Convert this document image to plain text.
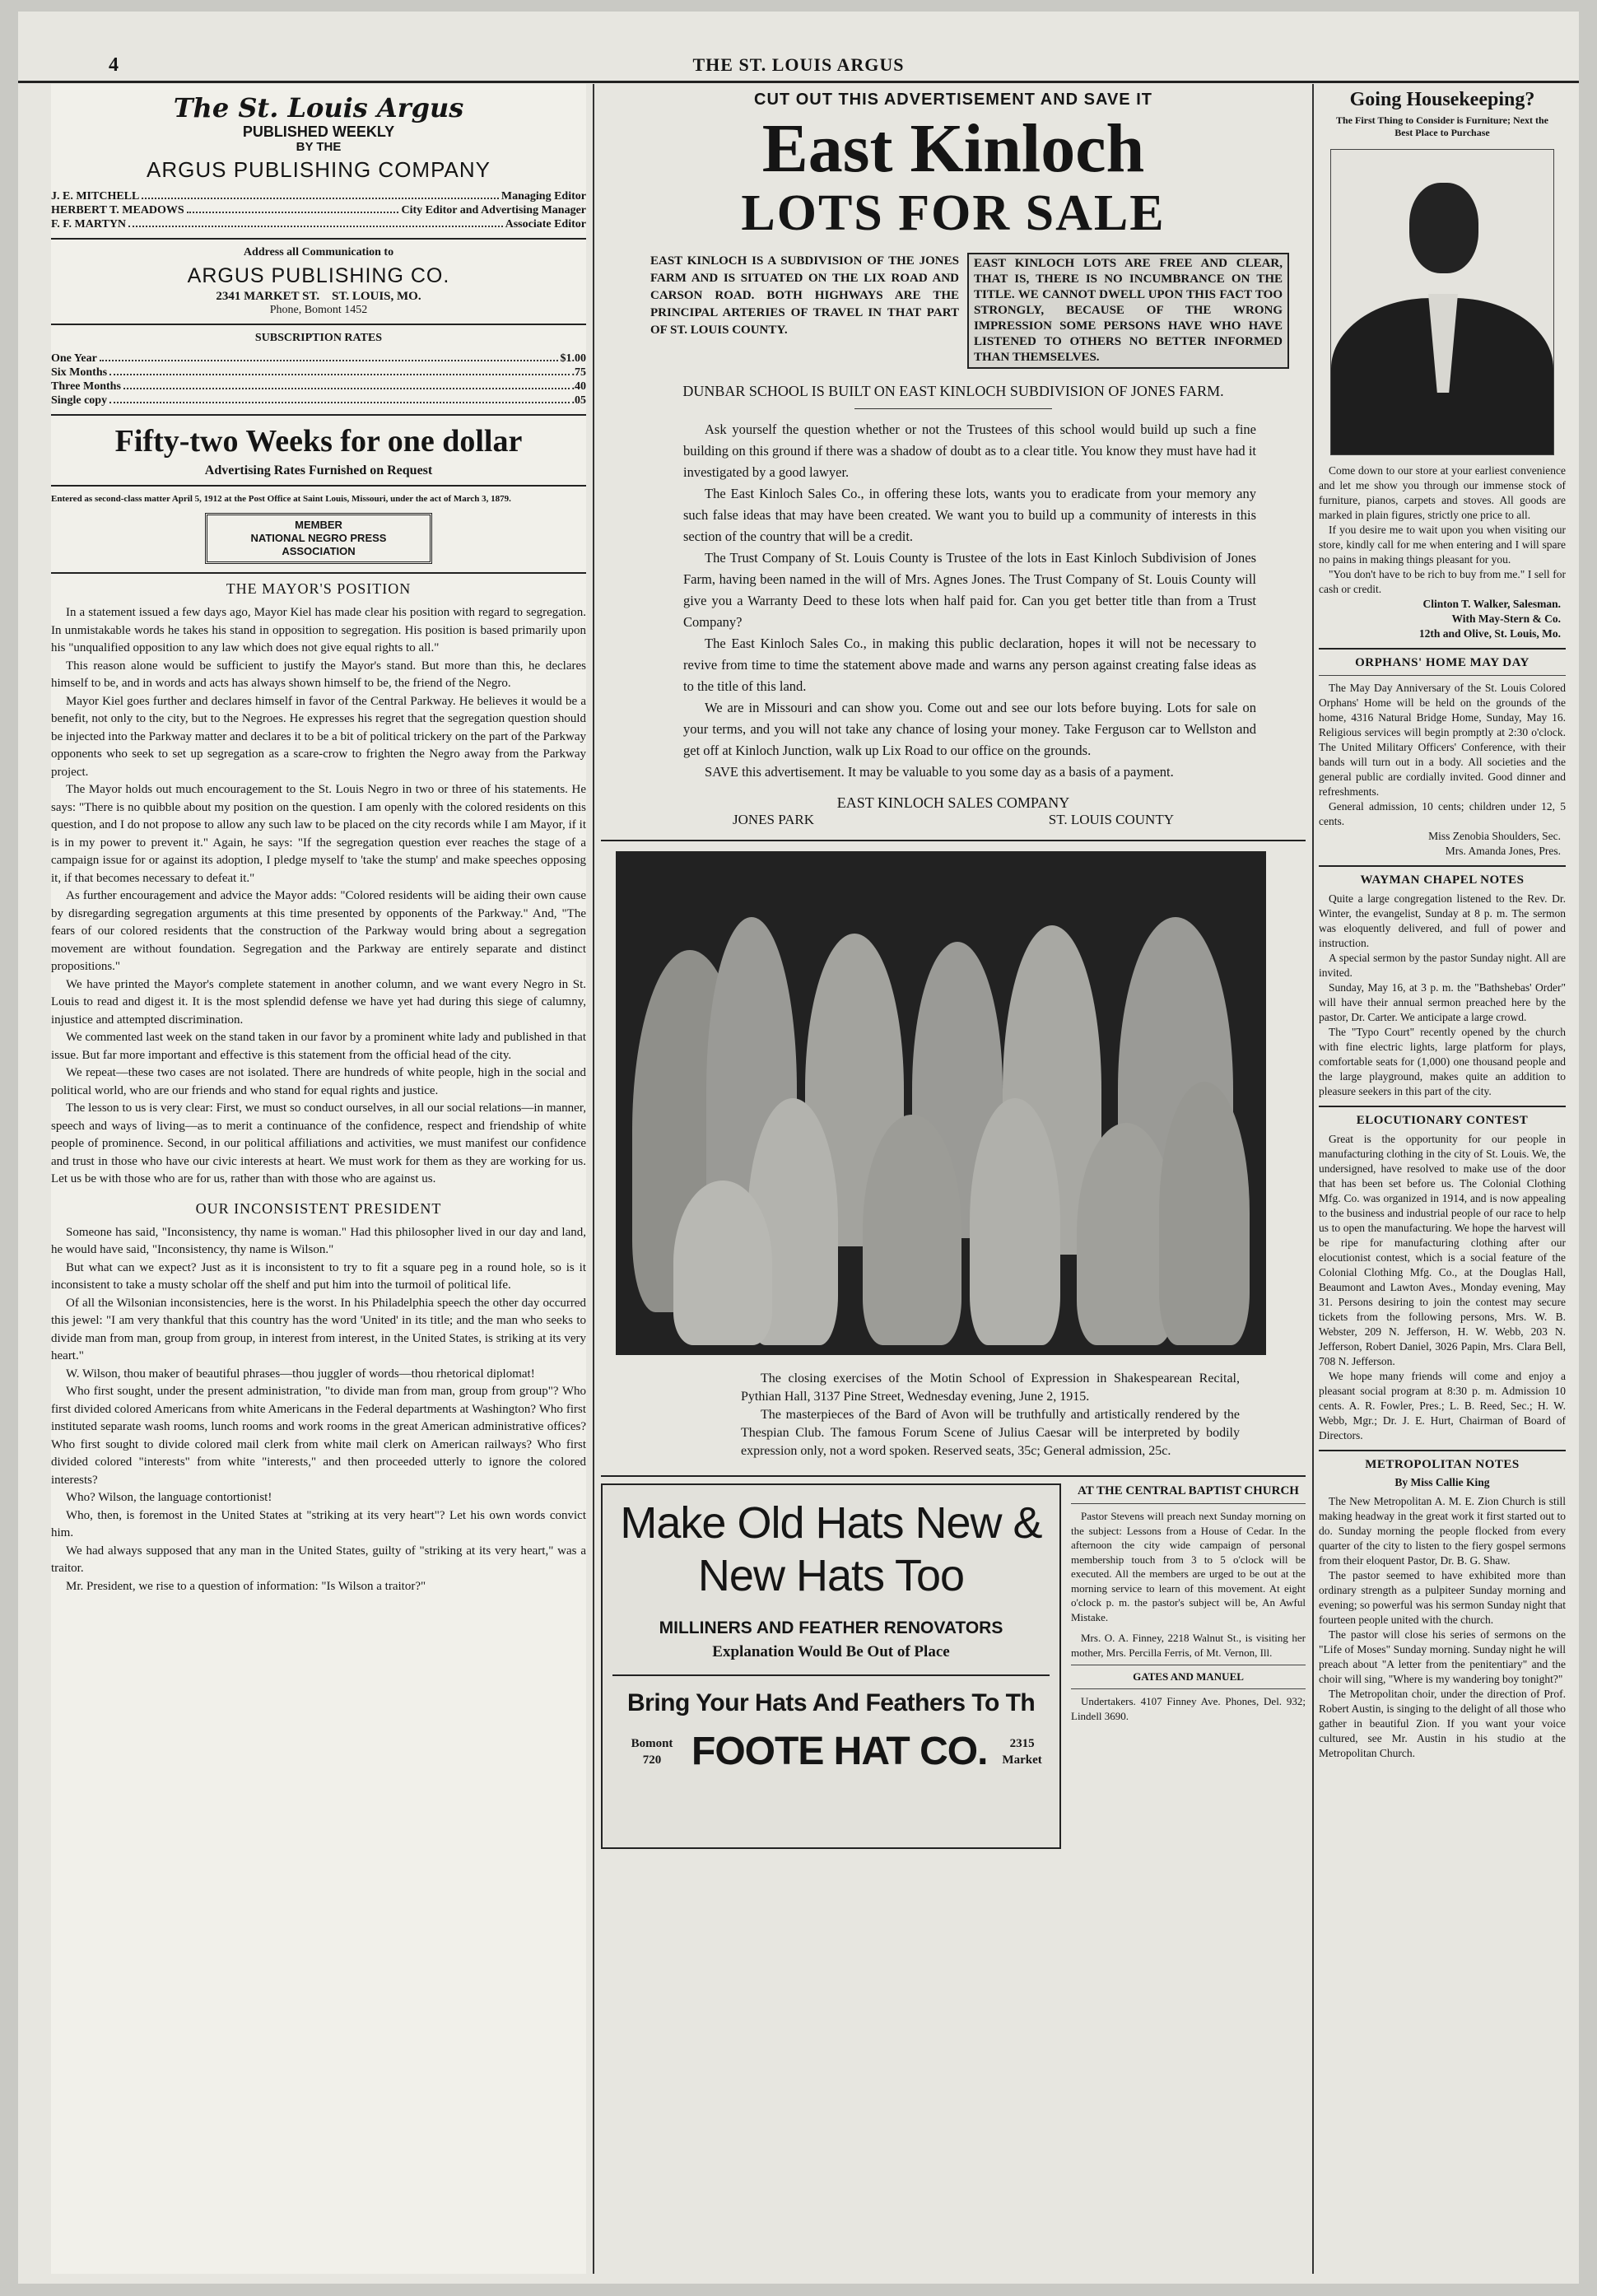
4	THE ST. LOUIS ARGUS
The St. Louis Argus
PUBLISHED WEEKLY
BY THE
ARGUS PUBLISHING COMPANY
J. E. MITCHELL	Managing Editor
HERBERT T. MEADOWS	City Editor and Advertising Manager
F. F. MARTYN	Associate Editor
Address all Communication to
ARGUS PUBLISHING CO.
2341 MARKET ST.    ST. LOUIS, MO.
Phone, Bomont 1452
SUBSCRIPTION RATES
One Year	$1.00
Six Months	.75
Three Months	.40
Single copy	.05
Fifty-two Weeks for one dollar
Advertising Rates Furnished on Request

Entered as second-class matter April 5, 1912 at the Post Office at Saint Louis, Missouri, under the act of March 3, 1879.

MEMBER
NATIONAL NEGRO PRESS
ASSOCIATION
THE MAYOR'S POSITION

In a statement issued a few days ago, Mayor Kiel has made clear his position with regard to segregation. In unmistakable words he takes his stand in opposition to segregation. His position is based primarily upon his "unqualified opposition to any law which does not give equal rights to all."

This reason alone would be sufficient to justify the Mayor's stand. But more than this, he declares himself to be, and in words and acts has always shown himself to be, the friend of the Negro.

Mayor Kiel goes further and declares himself in favor of the Central Parkway. He believes it would be a benefit, not only to the city, but to the Negroes. He expresses his regret that the segregation question should be injected into the Parkway matter and declares it to be a bit of political trickery on the part of the Parkway opponents who seek to set up segregation as a scare-crow to frighten the Negro away from the Parkway project.

The Mayor holds out much encouragement to the St. Louis Negro in two or three of his statements. He says: "There is no quibble about my position on the question. I am openly with the colored residents on this question, and I do not propose to allow any such law to be placed on the city records while I am Mayor, if it is in my power to prevent it." Again, he says: "If the segregation question ever reaches the stage of a campaign issue for or against its adoption, I pledge myself to 'take the stump' and make speeches opposing it, if that becomes necessary to defeat it."

As further encouragement and advice the Mayor adds: "Colored residents will be aiding their own cause by disregarding segregation arguments at this time presented by opponents of the Parkway." And, "The fears of our colored residents that the construction of the Parkway would bring about a segregation movement are without foundation. Segregation and the Parkway are entirely separate and distinct propositions."

We have printed the Mayor's complete statement in another column, and we want every Negro in St. Louis to read and digest it. It is the most splendid defense we have yet had during this siege of calumny, injustice and attempted discrimination.

We commented last week on the stand taken in our favor by a prominent white lady and published in that issue. But far more important and effective is this statement from the official head of the city.

We repeat—these two cases are not isolated. There are hundreds of white people, high in the social and political world, who are our friends and who stand for equal rights and justice.

The lesson to us is very clear: First, we must so conduct ourselves, in all our social relations—in manner, speech and ways of living—as to merit a continuance of the confidence, respect and friendship of white people of prominence. Second, in our political affiliations and activities, we must manifest our confidence and trust in those who have our civic interests at heart. We must work for them as they are working for us. Let us be with those who are for us, rather than with those who are against us.

OUR INCONSISTENT PRESIDENT

Someone has said, "Inconsistency, thy name is woman." Had this philosopher lived in our day and land, he would have said, "Inconsistency, thy name is Wilson."

But what can we expect? Just as it is inconsistent to try to fit a square peg in a round hole, so is it inconsistent to take a musty scholar off the shelf and put him into the turmoil of political life.

Of all the Wilsonian inconsistencies, here is the worst. In his Philadelphia speech the other day occurred this jewel: "I am very thankful that this country has the word 'United' in its title; and the man who seeks to divide man from man, group from group, in interest from interest, in the United States, is striking at its very heart."

W. Wilson, thou maker of beautiful phrases—thou juggler of words—thou rhetorical diplomat!

Who first sought, under the present administration, "to divide man from man, group from group"? Who first divided colored Americans from white Americans in the Federal departments at Washington? Who first instituted separate wash rooms, lunch rooms and work rooms in the great American administrative offices? Who first sought to divide colored mail clerk from white mail clerk on American railways? Who first divided colored "interests" from white "interests," and then proceeded utterly to ignore the colored interests?

Who? Wilson, the language contortionist!

Who, then, is foremost in the United States at "striking at its very heart"? Let his own words convict him.

We had always supposed that any man in the United States, guilty of "striking at its very heart," was a traitor.

Mr. President, we rise to a question of information: "Is Wilson a traitor?"

CUT OUT THIS ADVERTISEMENT AND SAVE IT
East Kinloch
LOTS FOR SALE

EAST KINLOCH IS A SUBDIVISION OF THE JONES FARM AND IS SITUATED ON THE LIX ROAD AND CARSON ROAD. BOTH HIGHWAYS ARE THE PRINCIPAL ARTERIES OF TRAVEL IN THAT PART OF ST. LOUIS COUNTY.

EAST KINLOCH LOTS ARE FREE AND CLEAR, THAT IS, THERE IS NO INCUMBRANCE ON THE TITLE. WE CANNOT DWELL UPON THIS FACT TOO STRONGLY, BECAUSE OF THE WRONG IMPRESSION SOME PERSONS HAVE WHO HAVE LISTENED TO OTHERS NO BETTER INFORMED THAN THEMSELVES.

DUNBAR SCHOOL IS BUILT ON EAST KINLOCH SUBDIVISION OF JONES FARM.

Ask yourself the question whether or not the Trustees of this school would build up such a fine building on this ground if there was a shadow of doubt as to a clear title. You know they must have had it investigated by a good lawyer.

The East Kinloch Sales Co., in offering these lots, wants you to eradicate from your memory any such false ideas that may have been created. We want you to build up a community of interests in this section of the country that will be a credit.

The Trust Company of St. Louis County is Trustee of the lots in East Kinloch Subdivision of Jones Farm, having been named in the will of Mrs. Agnes Jones. The Trust Company of St. Louis County will give you a Warranty Deed to these lots when half paid for. Can you get better title than from a Trust Company?

The East Kinloch Sales Co., in making this public declaration, hopes it will not be necessary to revive from time to time the statement above made and warns any person against creating false ideas as to the title of this land.

We are in Missouri and can show you. Come out and see our lots before buying. Lots for sale on your terms, and you will not take any chance of losing your money. Take Ferguson car to Wellston and get off at Kinloch Junction, walk up Lix Road to our office on the grounds.

SAVE this advertisement. It may be valuable to you some day as a basis of a payment.

EAST KINLOCH SALES COMPANY
JONES PARK	ST. LOUIS COUNTY

The closing exercises of the Motin School of Expression in Shakespearean Recital, Pythian Hall, 3137 Pine Street, Wednesday evening, June 2, 1915.

The masterpieces of the Bard of Avon will be truthfully and artistically rendered by the Thespian Club. The famous Forum Scene of Julius Caesar will be interpreted by bodily expression only, not a word spoken. Reserved seats, 35c; General admission, 25c.

Make Old Hats New &
New Hats Too
MILLINERS AND FEATHER RENOVATORS
Explanation Would Be Out of Place
Bring Your Hats And Feathers To Th
Bomont
720 FOOTE HAT CO.	2315
Market
AT THE CENTRAL BAPTIST CHURCH

Pastor Stevens will preach next Sunday morning on the subject: Lessons from a House of Cedar. In the afternoon the city wide campaign of personal membership touch from 3 to 5 o'clock will be executed. All the members are urged to be out at the morning service to learn of this movement. At eight o'clock p. m. the pastor's subject will be, An Awful Mistake.

Mrs. O. A. Finney, 2218 Walnut St., is visiting her mother, Mrs. Percilla Ferris, of Mt. Vernon, Ill.

GATES AND MANUEL

Undertakers. 4107 Finney Ave. Phones, Del. 932; Lindell 3690.

Going Housekeeping?

The First Thing to Consider is Furniture; Next the Best Place to Purchase

Come down to our store at your earliest convenience and let me show you through our immense stock of furniture, pianos, carpets and stoves. All goods are marked in plain figures, strictly one price to all.

If you desire me to wait upon you when visiting our store, kindly call for me when entering and I will spare no pains in making things pleasant for you.

"You don't have to be rich to buy from me." I sell for cash or credit.

Clinton T. Walker, Salesman.
With May-Stern & Co.
12th and Olive, St. Louis, Mo.
ORPHANS' HOME MAY DAY

The May Day Anniversary of the St. Louis Colored Orphans' Home will be held on the grounds of the home, 4316 Natural Bridge Home, Sunday, May 16. Religious services will begin promptly at 2:30 o'clock. The United Military Officers' Conference, with their bands will turn out in a body. All societies and the general public are cordially invited. Good dinner and refreshments.

General admission, 10 cents; children under 12, 5 cents.

Miss Zenobia Shoulders, Sec.
Mrs. Amanda Jones, Pres.
WAYMAN CHAPEL NOTES

Quite a large congregation listened to the Rev. Dr. Winter, the evangelist, Sunday at 8 p. m. The sermon was eloquently delivered, and full of power and instruction.

A special sermon by the pastor Sunday night. All are invited.

Sunday, May 16, at 3 p. m. the "Bathshebas' Order" will have their annual sermon preached here by the pastor, Dr. Carter. We anticipate a large crowd.

The "Typo Court" recently opened by the church with fine electric lights, large platform for plays, comfortable seats for (1,000) one thousand people and the large playground, makes quite an addition to pleasure seekers in this part of the city.

ELOCUTIONARY CONTEST

Great is the opportunity for our people in manufacturing clothing in the city of St. Louis. We, the undersigned, have resolved to make use of the door that has been set before us. The Colonial Clothing Mfg. Co. was organized in 1914, and is now appealing to the business and industrial people of our race to help us to open the manufacturing. We hope the harvest will be ripe for manufacturing clothing after our elocutionist contest, which is a social feature of the Colonial Clothing Mfg. Co., at the Douglas Hall, Beaumont and Lawton Aves., Monday evening, May 31. Persons desiring to join the contest may secure tickets from the following persons, Mrs. W. B. Webster, 209 N. Jefferson, H. W. Webb, 203 N. Jefferson, Robert Daniel, 3026 Papin, Mrs. Clara Bell, 708 N. Jefferson.

We hope many friends will come and enjoy a pleasant social program at 8:30 p. m. Admission 10 cents. A. R. Fowler, Pres.; L. B. Reed, Sec.; H. W. Webb, Mgr.; Dr. J. E. Hurt, Chairman of Board of Directors.

METROPOLITAN NOTES
By Miss Callie King

The New Metropolitan A. M. E. Zion Church is still making headway in the great work it first started out to do. Sunday morning the people flocked from every quarter of the city to listen to the fiery gospel sermons from their eloquent Pastor, Dr. B. G. Shaw.

The pastor seemed to have exhibited more than ordinary strength as a pulpiteer Sunday morning and evening; so powerful was his sermon Sunday night that fourteen people united with the church.

The pastor will close his series of sermons on the "Life of Moses" Sunday morning. Sunday night he will preach about "A letter from the penitentiary" and the choir will sing, "Where is my wandering boy tonight?"

The Metropolitan choir, under the direction of Prof. Robert Austin, is singing to the delight of all those who gather in beautiful Zion. If you want your voice cultured, see Mr. Austin in his studio at the Metropolitan Church.
